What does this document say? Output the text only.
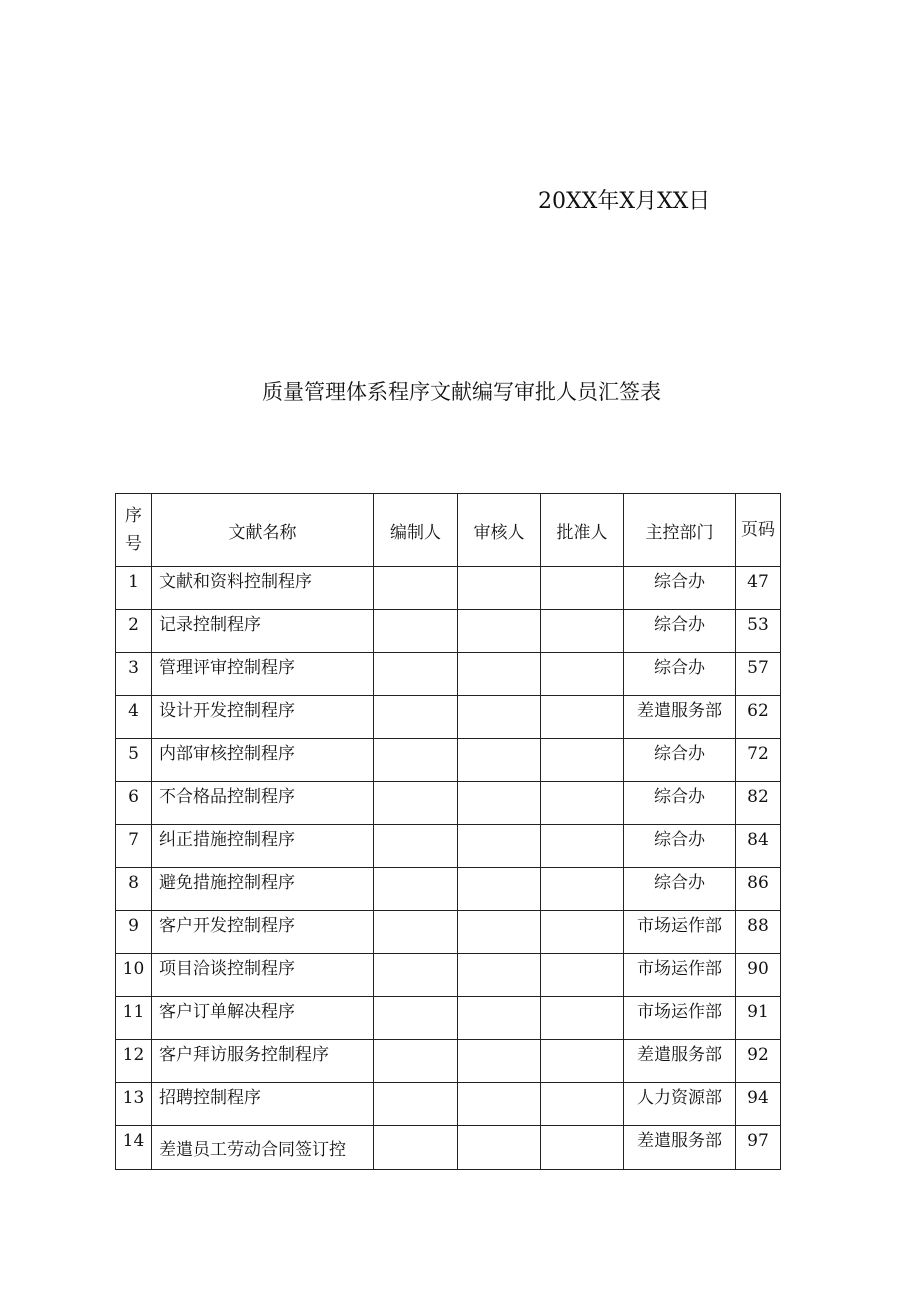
20XX年X月XX日
质量管理体系程序文献编写审批人员汇签表
序号	文献名称	编制人	审核人	批准人	主控部门	页码
1	文献和资料控制程序				综合办	47
2	记录控制程序				综合办	53
3	管理评审控制程序				综合办	57
4	设计开发控制程序				差遣服务部	62
5	内部审核控制程序				综合办	72
6	不合格品控制程序				综合办	82
7	纠正措施控制程序				综合办	84
8	避免措施控制程序				综合办	86
9	客户开发控制程序				市场运作部	88
10	项目洽谈控制程序				市场运作部	90
11	客户订单解决程序				市场运作部	91
12	客户拜访服务控制程序				差遣服务部	92
13	招聘控制程序				人力资源部	94
14	差遣员工劳动合同签订控				差遣服务部	97
